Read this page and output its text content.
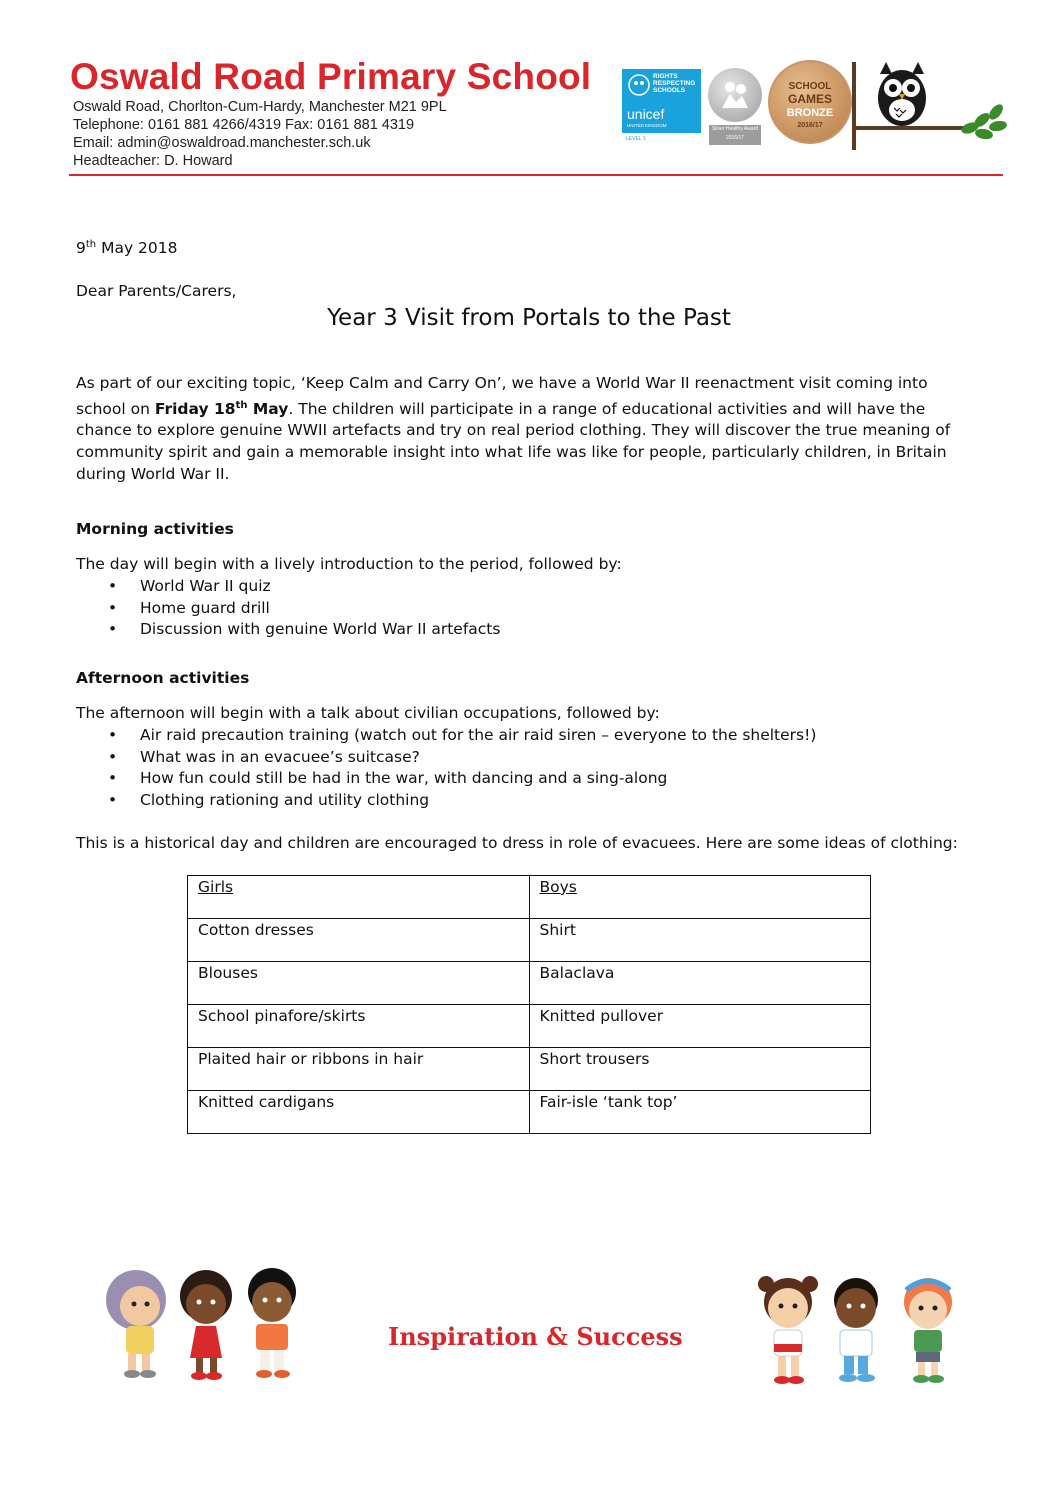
Oswald Road Primary School
Oswald Road, Chorlton-Cum-Hardy, Manchester M21 9PL
Telephone: 0161 881 4266/4319 Fax: 0161 881 4319
Email: admin@oswaldroad.manchester.sch.uk
Headteacher: D. Howard
RIGHTS RESPECTING SCHOOLS
unicef
UNITED KINGDOM
LEVEL 1
Silver Healthy Award 2016/17
SCHOOL
GAMES
BRONZE
2016/17
9th May 2018
Dear Parents/Carers,
Year 3 Visit from Portals to the Past
As part of our exciting topic, ‘Keep Calm and Carry On’, we have a World War II reenactment visit coming into school on Friday 18th May. The children will participate in a range of educational activities and will have the chance to explore genuine WWII artefacts and try on real period clothing. They will discover the true meaning of community spirit and gain a memorable insight into what life was like for people, particularly children, in Britain during World War II.
Morning activities
The day will begin with a lively introduction to the period, followed by:
• World War II quiz
• Home guard drill
• Discussion with genuine World War II artefacts
Afternoon activities
The afternoon will begin with a talk about civilian occupations, followed by:
• Air raid precaution training (watch out for the air raid siren – everyone to the shelters!)
• What was in an evacuee’s suitcase?
• How fun could still be had in the war, with dancing and a sing-along
• Clothing rationing and utility clothing
This is a historical day and children are encouraged to dress in role of evacuees. Here are some ideas of clothing:
Girls	Boys
Cotton dresses	Shirt
Blouses	Balaclava
School pinafore/skirts	Knitted pullover
Plaited hair or ribbons in hair	Short trousers
Knitted cardigans	Fair-isle ‘tank top’
Inspiration & Success
